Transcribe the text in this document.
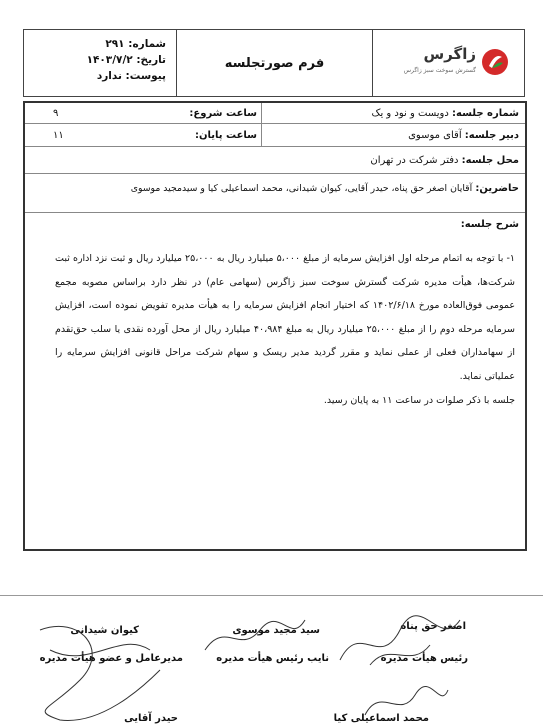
زاگرس
گسترش سوخت سبز زاگرس
فرم صورتجلسه
شماره: ۲۹۱
تاریخ: ۱۴۰۳/۷/۲
پیوست: ندارد
شماره جلسه:

دویست و نود و یک
ساعت شروع:
۹
دبیر جلسه:

آقای موسوی
ساعت پایان:
۱۱
محل جلسه:

دفتر شرکت در تهران
حاضرین:

آقایان اصغر حق پناه، حیدر آقایی، کیوان شیدانی، محمد اسماعیلی کیا و سیدمجید موسوی
شرح جلسه:

۱- با توجه به اتمام مرحله اول افزایش سرمایه از مبلغ ۵،۰۰۰ میلیارد ریال به ۲۵،۰۰۰ میلیارد ریال و ثبت نزد اداره ثبت شرکت‌ها، هیأت مدیره شرکت گسترش سوخت سبز زاگرس (سهامی عام) در نظر دارد براساس مصوبه مجمع عمومی فوق‌العاده مورخ ۱۴۰۲/۶/۱۸ که اختیار انجام افزایش سرمایه را به هیأت مدیره تفویض نموده است، افزایش سرمایه مرحله دوم را از مبلغ ۲۵،۰۰۰ میلیارد ریال به مبلغ ۴۰،۹۸۴ میلیارد ریال از محل آورده نقدی یا سلب حق‌تقدم از سهامداران فعلی از عملی نماید و مقرر گردید مدیر ریسک و سهام شرکت مراحل قانونی افزایش سرمایه را عملیاتی نماید.

جلسه با ذکر صلوات در ساعت ۱۱ به پایان رسید.

اصغر حق پناه
رئیس هیأت مدیره
سید مجید موسوی
نایب رئیس هیأت مدیره
کیوان شیدانی
مدیرعامل و عضو هیأت مدیره
محمد اسماعیلی کیا
حیدر آقایی
